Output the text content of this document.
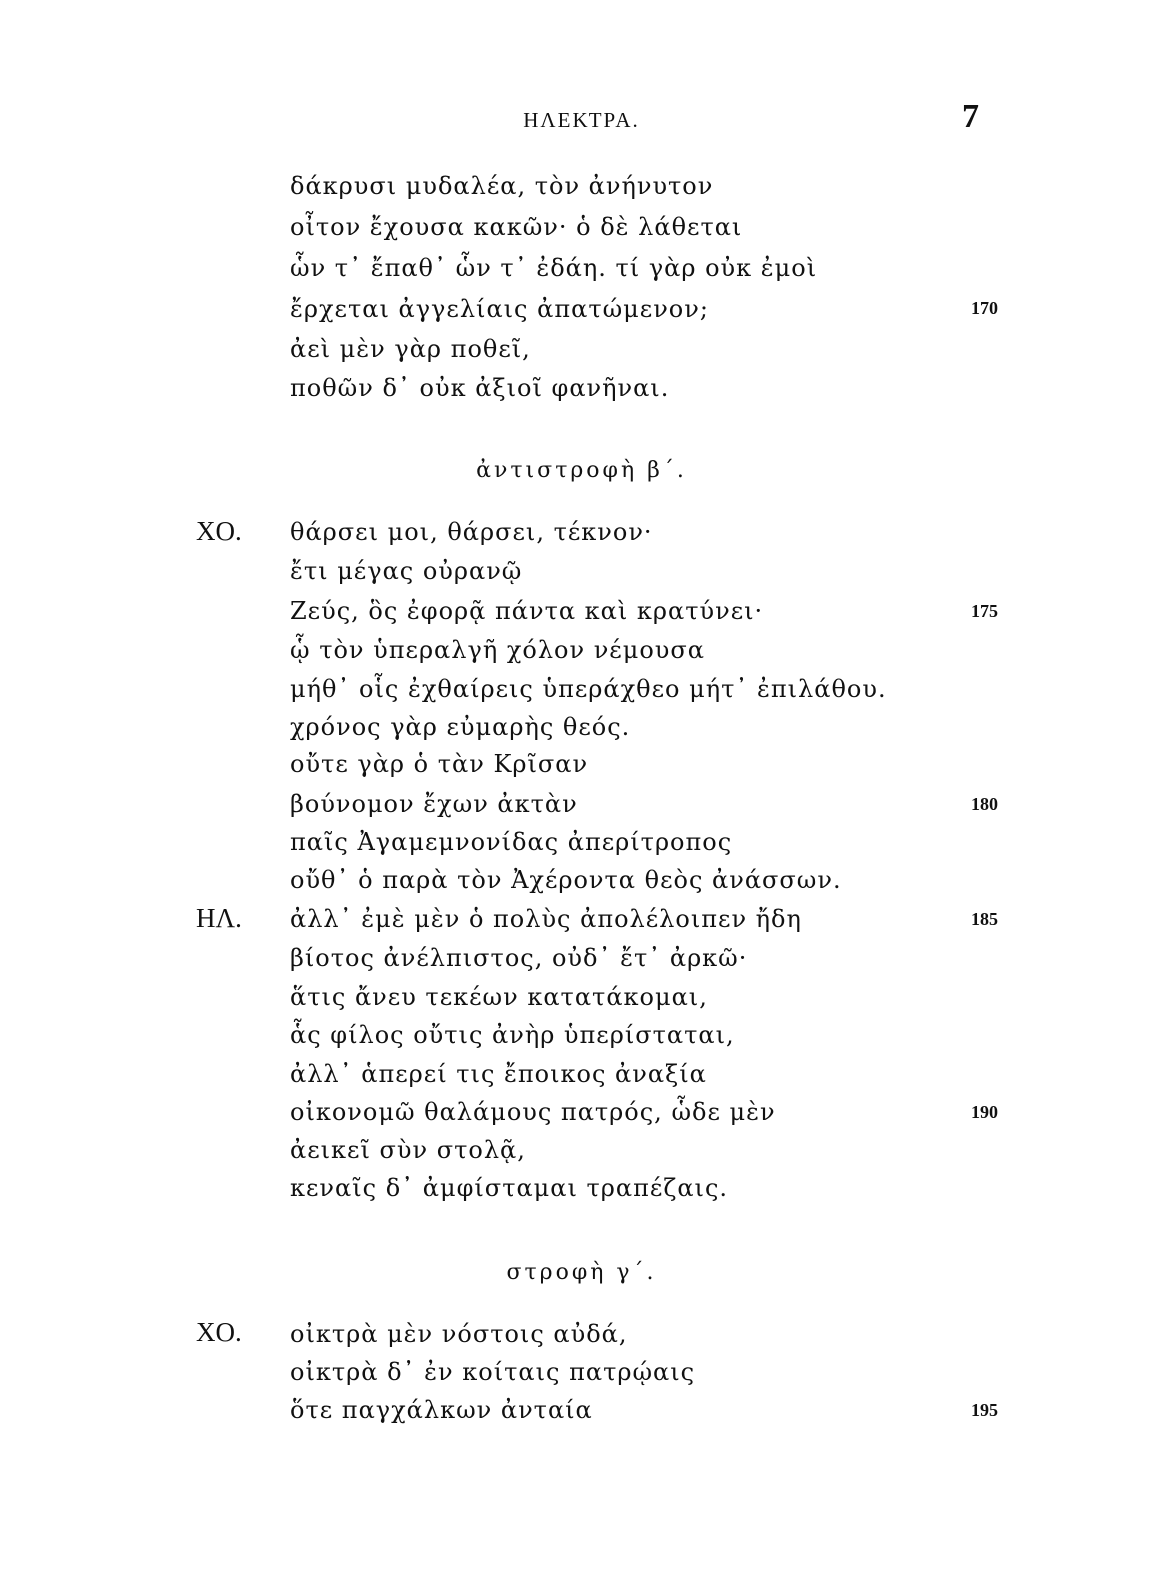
ΗΛΕΚΤΡΑ.	7
δάκρυσι μυδαλέα, τὸν ἀνήνυτον
οἶτον ἔχουσα κακῶν· ὁ δὲ λάθεται
ὧν τ᾽ ἔπαθ᾽ ὧν τ᾽ ἐδάη. τί γὰρ οὐκ ἐμοὶ
ἔρχεται ἀγγελίαις ἀπατώμενον;	170
ἀεὶ μὲν γὰρ ποθεῖ,
ποθῶν δ᾽ οὐκ ἀξιοῖ φανῆναι.
ἀντιστροφὴ β΄.
ΧΟ. θάρσει μοι, θάρσει, τέκνον·
ἔτι μέγας οὐρανῷ
Ζεύς, ὃς ἐφορᾷ πάντα καὶ κρατύνει·	175
ᾧ τὸν ὑπεραλγῆ χόλον νέμουσα
μήθ᾽ οἷς ἐχθαίρεις ὑπεράχθεο μήτ᾽ ἐπιλάθου.
χρόνος γὰρ εὐμαρὴς θεός.
οὔτε γὰρ ὁ τὰν Κρῖσαν
βούνομον ἔχων ἀκτὰν	180
παῖς Ἀγαμεμνονίδας ἀπερίτροπος
οὔθ᾽ ὁ παρὰ τὸν Ἀχέροντα θεὸς ἀνάσσων.
ΗΛ. ἀλλ᾽ ἐμὲ μὲν ὁ πολὺς ἀπολέλοιπεν ἤδη	185
βίοτος ἀνέλπιστος, οὐδ᾽ ἔτ᾽ ἀρκῶ·
ἅτις ἄνευ τεκέων κατατάκομαι,
ἇς φίλος οὔτις ἀνὴρ ὑπερίσταται,
ἀλλ᾽ ἁπερεί τις ἔποικος ἀναξία
οἰκονομῶ θαλάμους πατρός, ὧδε μὲν	190
ἀεικεῖ σὺν στολᾷ,
κεναῖς δ᾽ ἀμφίσταμαι τραπέζαις.
στροφὴ γ΄.
ΧΟ. οἰκτρὰ μὲν νόστοις αὐδά,
οἰκτρὰ δ᾽ ἐν κοίταις πατρῴαις
ὅτε παγχάλκων ἀνταία	195
